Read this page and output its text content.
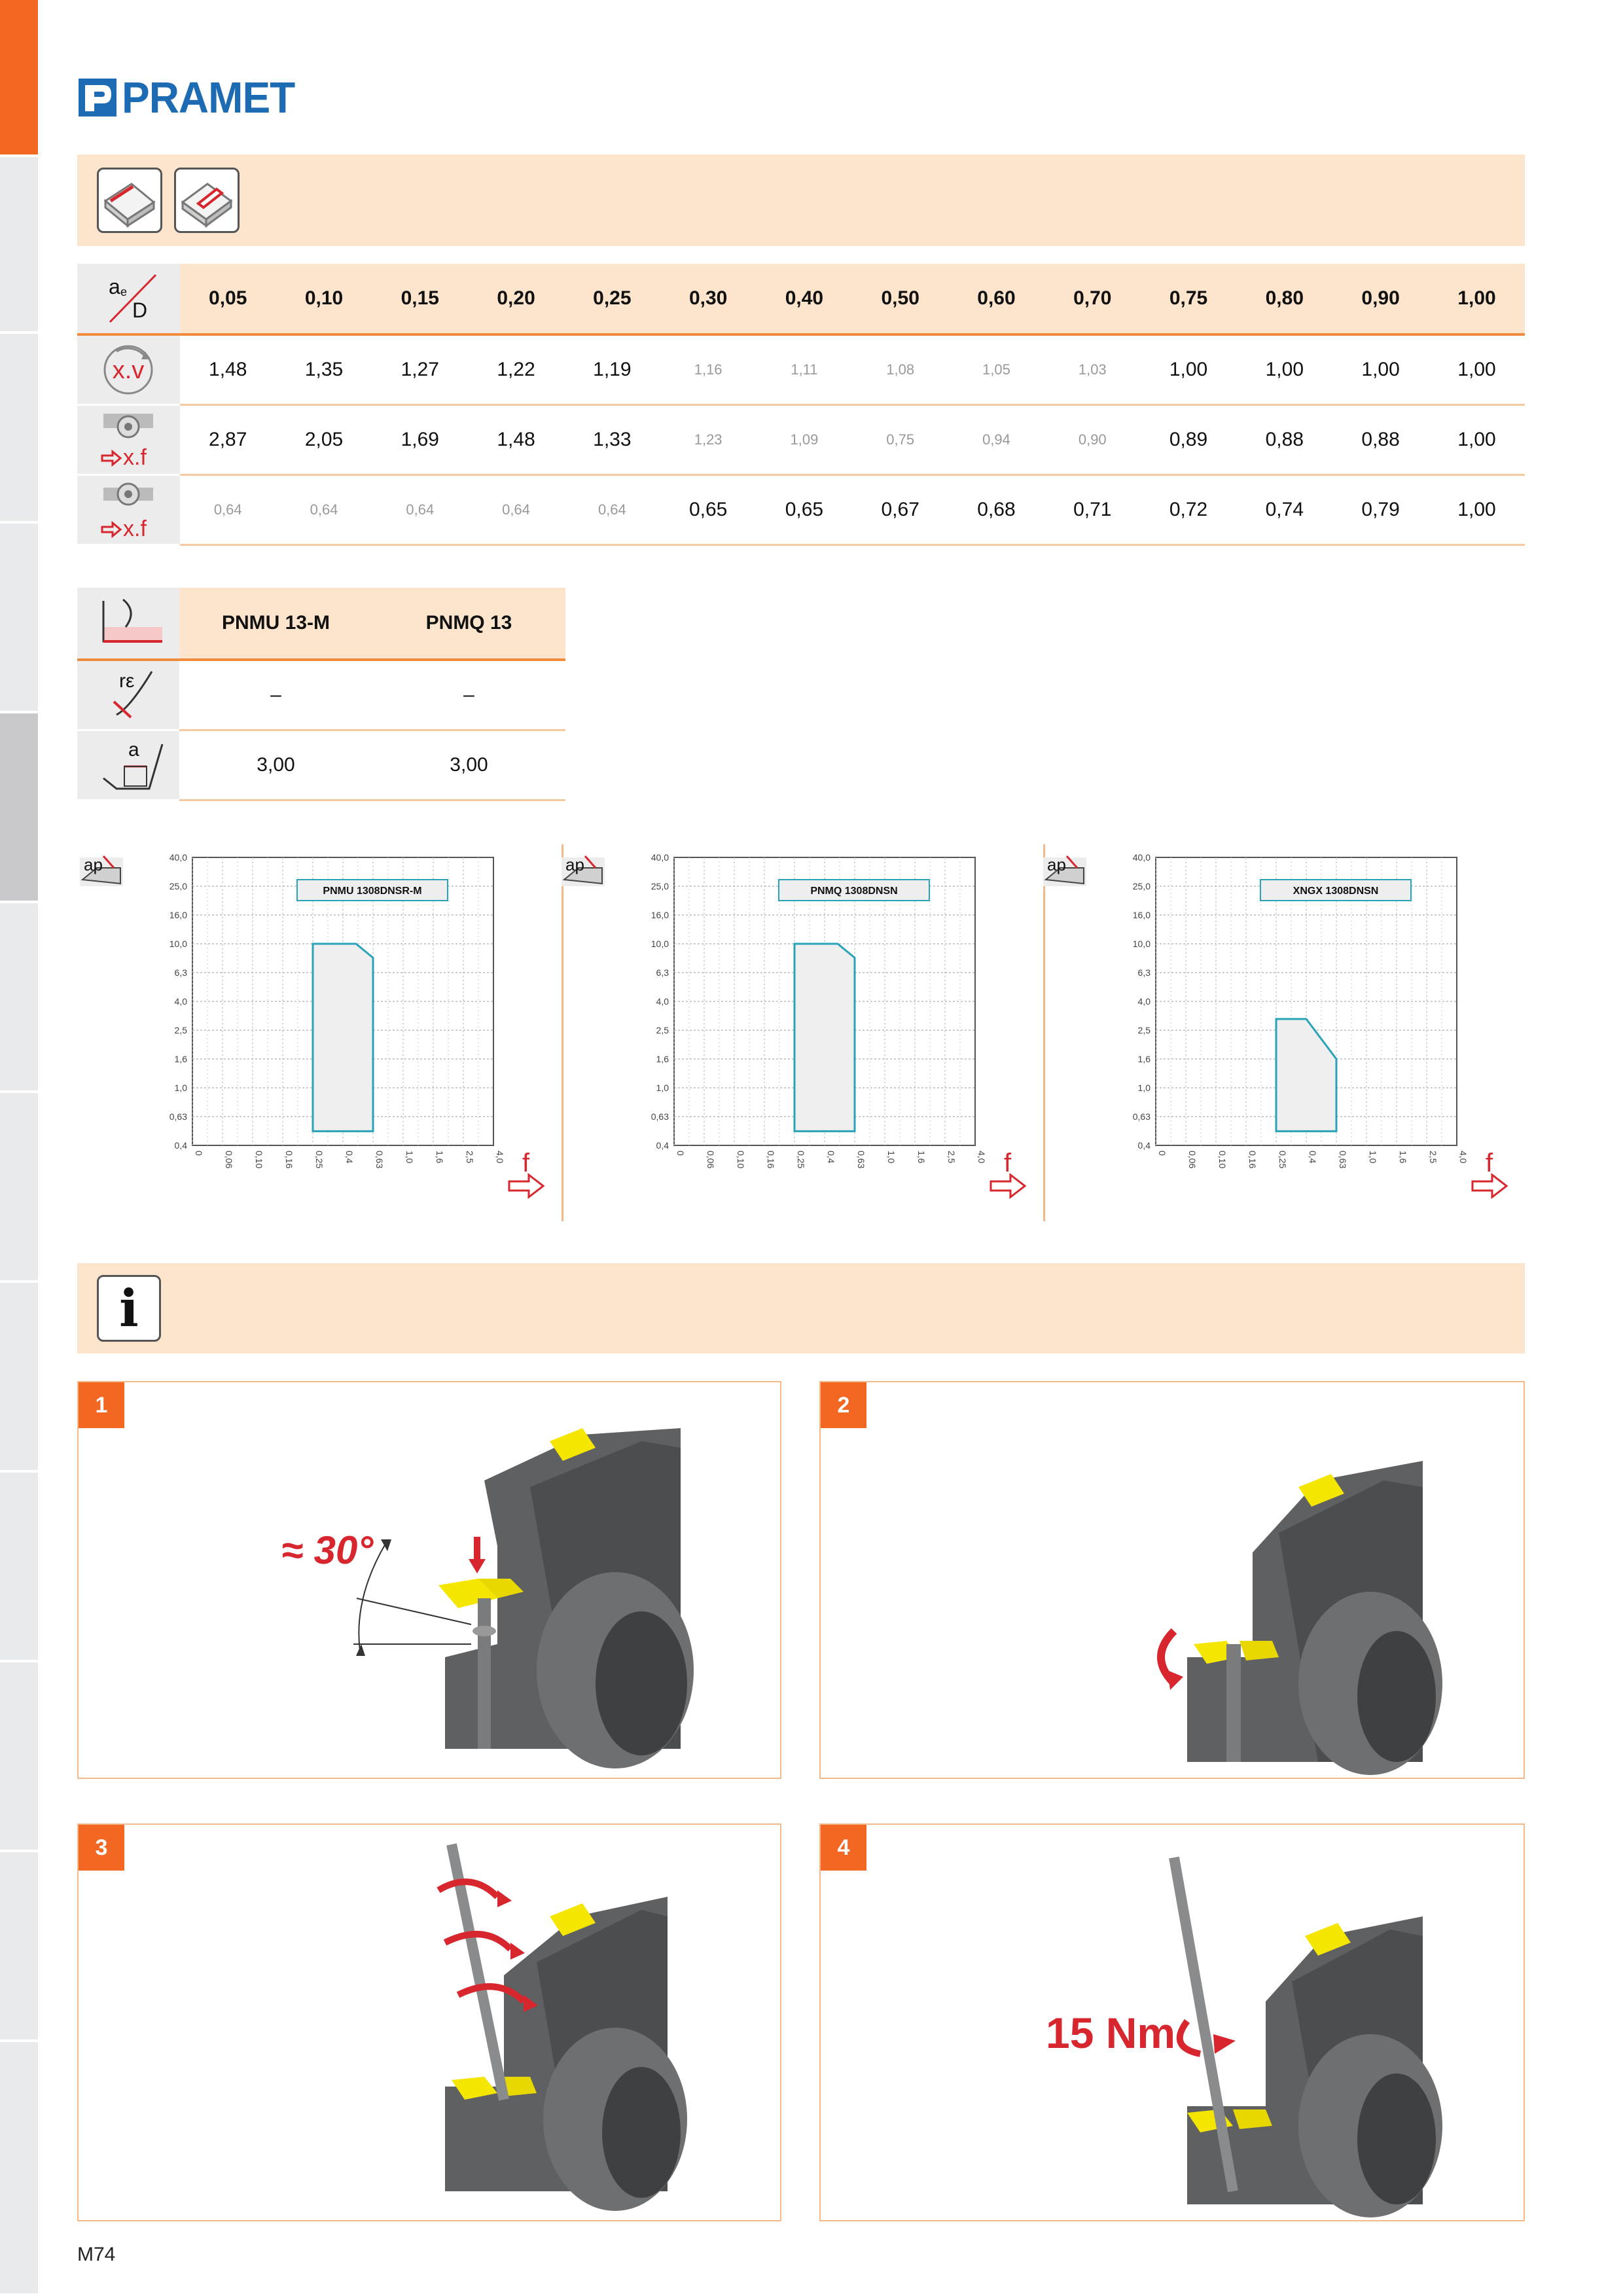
PRAMET
a e
D	0,05	0,10	0,15	0,20	0,25	0,30	0,40	0,50	0,60	0,70	0,75	0,80	0,90	1,00

x.v	1,48	1,35	1,27	1,22	1,19	1,16	1,11	1,08	1,05	1,03	1,00	1,00	1,00	1,00

x.f	2,87	2,05	1,69	1,48	1,33	1,23	1,09	0,75	0,94	0,90	0,89	0,88	0,88	1,00

x.f	0,64	0,64	0,64	0,64	0,64	0,65	0,65	0,67	0,68	0,71	0,72	0,74	0,79	1,00
	PNMU 13-M	PNMQ 13

rε	–	–

a	3,00	3,00
ap	40,0
25,0
16,0
10,0
6,3
4,0
2,5
1,6
1,0
0,63
0,4
0 0,06 0,10 0,16 0,25 0,4 0,63 1,0 1,6 2,5 4,0
PNMU 1308DNSR-M
f
ap	40,0
25,0
16,0
10,0
6,3
4,0
2,5
1,6
1,0
0,63
0,4
0 0,06 0,10 0,16 0,25 0,4 0,63 1,0 1,6 2,5 4,0
PNMQ 1308DNSN
f
ap	40,0
25,0
16,0
10,0
6,3
4,0
2,5
1,6
1,0
0,63
0,4
0 0,06 0,10 0,16 0,25 0,4 0,63 1,0 1,6 2,5 4,0
XNGX 1308DNSN
f
i
1
≈ 30°
2
3	4
15 Nm
M74
